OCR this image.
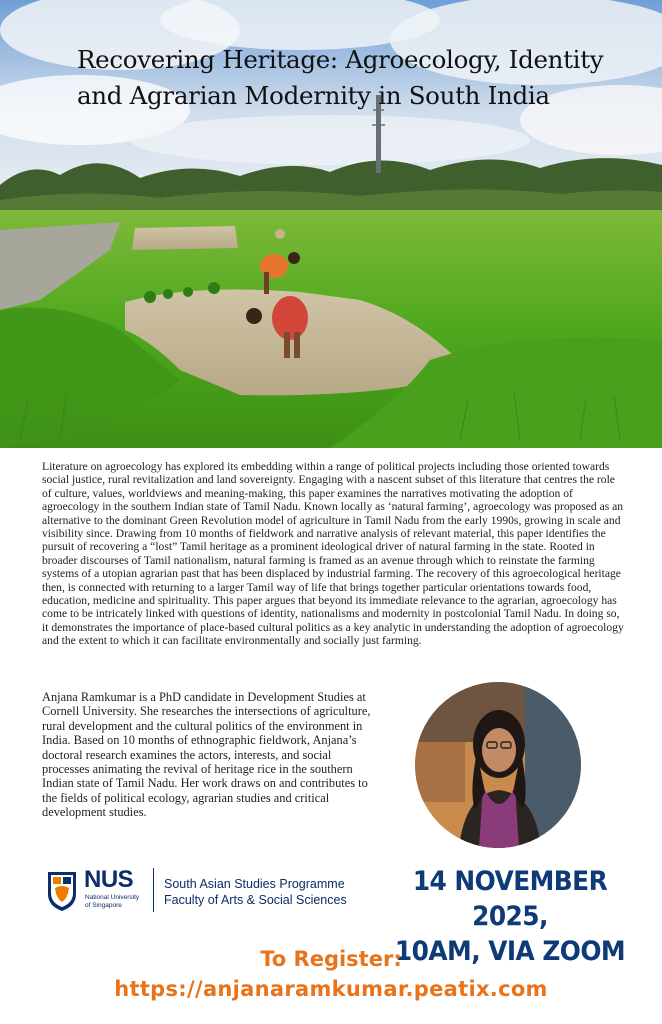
Recovering Heritage: Agroecology, Identity and Agrarian Modernity in South India

Literature on agroecology has explored its embedding within a range of political projects including those oriented towards social justice, rural revitalization and land sovereignty. Engaging with a nascent subset of this literature that centres the role of culture, values, worldviews and meaning-making, this paper examines the narratives motivating the adoption of agroecology in the southern Indian state of Tamil Nadu. Known locally as ‘natural farming’, agroecology was proposed as an alternative to the dominant Green Revolution model of agriculture in Tamil Nadu from the early 1990s, growing in scale and visibility since. Drawing from 10 months of fieldwork and narrative analysis of relevant material, this paper identifies the pursuit of recovering a “lost” Tamil heritage as a prominent ideological driver of natural farming in the state. Rooted in broader discourses of Tamil nationalism, natural farming is framed as an avenue through which to reinstate the farming systems of a utopian agrarian past that has been displaced by industrial farming. The recovery of this agroecological heritage then, is connected with returning to a larger Tamil way of life that brings together particular orientations towards food, education, medicine and spirituality. This paper argues that beyond its immediate relevance to the agrarian, agroecology has come to be intricately linked with questions of identity, nationalisms and modernity in postcolonial Tamil Nadu. In doing so, it demonstrates the importance of place-based cultural politics as a key analytic in understanding the adoption of agroecology and the extent to which it can facilitate environmentally and socially just farming.

Anjana Ramkumar is a PhD candidate in Development Studies at Cornell University. She researches the intersections of agriculture, rural development and the cultural politics of the environment in India. Based on 10 months of ethnographic fieldwork, Anjana’s doctoral research examines the actors, interests, and social processes animating the revival of heritage rice in the southern Indian state of Tamil Nadu. Her work draws on and contributes to the fields of political ecology, agrarian studies and critical development studies.

NUS
National University
of Singapore
South Asian Studies Programme
Faculty of Arts & Social Sciences
14 NOVEMBER 2025,
10AM, VIA ZOOM
To Register:
https://anjanaramkumar.peatix.com
